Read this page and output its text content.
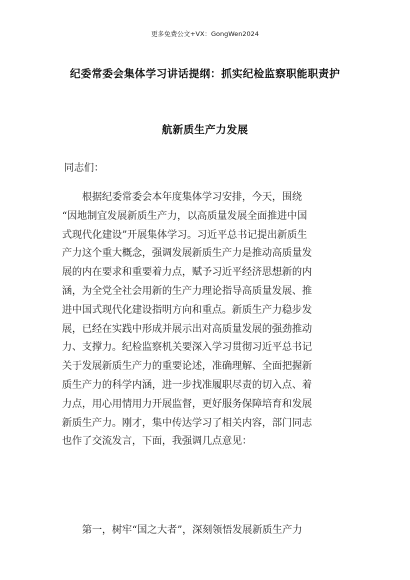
更多免费公文+VX：GongWen2024
纪委常委会集体学习讲话提纲：抓实纪检监察职能职责护
航新质生产力发展
同志们：
根据纪委常委会本年度集体学习安排，今天，围绕
“因地制宜发展新质生产力，以高质量发展全面推进中国
式现代化建设”开展集体学习。习近平总书记提出新质生
产力这个重大概念，强调发展新质生产力是推动高质量发
展的内在要求和重要着力点，赋予习近平经济思想新的内
涵，为全党全社会用新的生产力理论指导高质量发展、推
进中国式现代化建设指明方向和重点。新质生产力稳步发
展，已经在实践中形成并展示出对高质量发展的强劲推动
力、支撑力。纪检监察机关要深入学习贯彻习近平总书记
关于发展新质生产力的重要论述，准确理解、全面把握新
质生产力的科学内涵，进一步找准履职尽责的切入点、着
力点，用心用情用力开展监督，更好服务保障培育和发展
新质生产力。刚才，集中传达学习了相关内容，部门同志
也作了交流发言，下面，我强调几点意见：
第一，树牢“国之大者”，深刻领悟发展新质生产力
